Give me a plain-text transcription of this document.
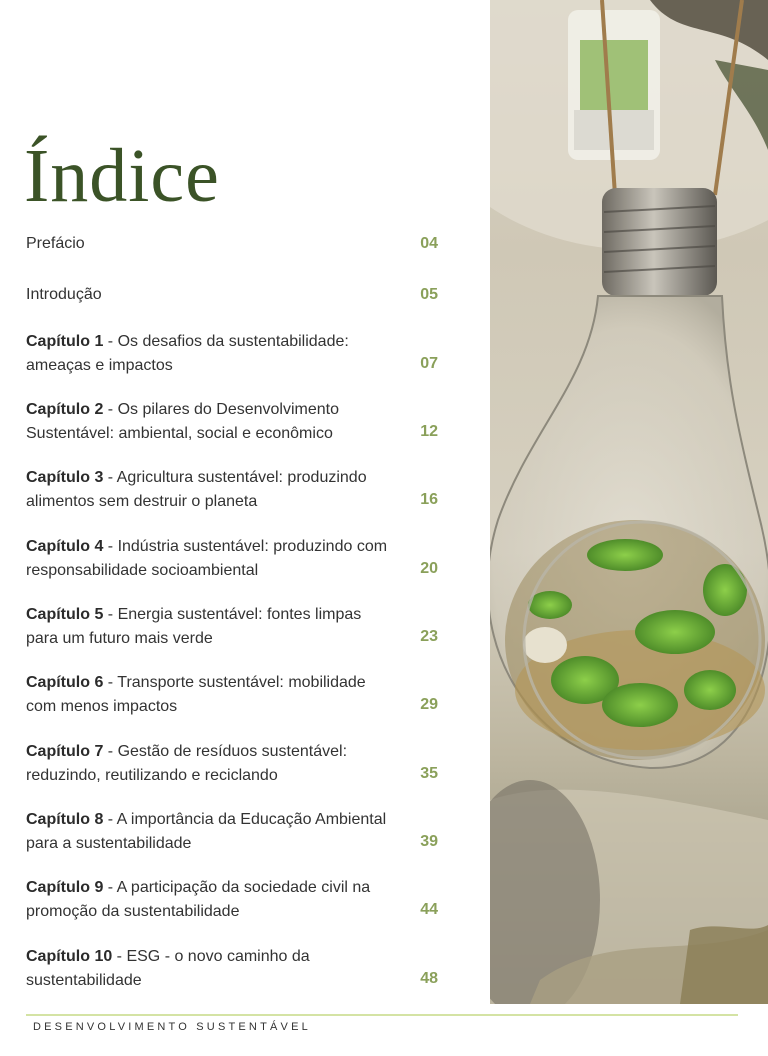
Índice
Prefácio	04
Introdução	05
Capítulo 1 - Os desafios da sustentabilidade: ameaças e impactos	07
Capítulo 2 - Os pilares do Desenvolvimento Sustentável: ambiental, social e econômico	12
Capítulo 3 - Agricultura sustentável: produzindo alimentos sem destruir o planeta	16
Capítulo 4 - Indústria sustentável: produzindo com responsabilidade socioambiental	20
Capítulo 5 - Energia sustentável: fontes limpas para um futuro mais verde	23
Capítulo 6 - Transporte sustentável: mobilidade com menos impactos	29
Capítulo 7 - Gestão de resíduos sustentável: reduzindo, reutilizando e reciclando	35
Capítulo 8 - A importância da Educação Ambiental para a sustentabilidade	39
Capítulo 9 - A participação da sociedade civil na promoção da sustentabilidade	44
Capítulo 10 - ESG - o novo caminho da sustentabilidade	48
DESENVOLVIMENTO SUSTENTÁVEL
